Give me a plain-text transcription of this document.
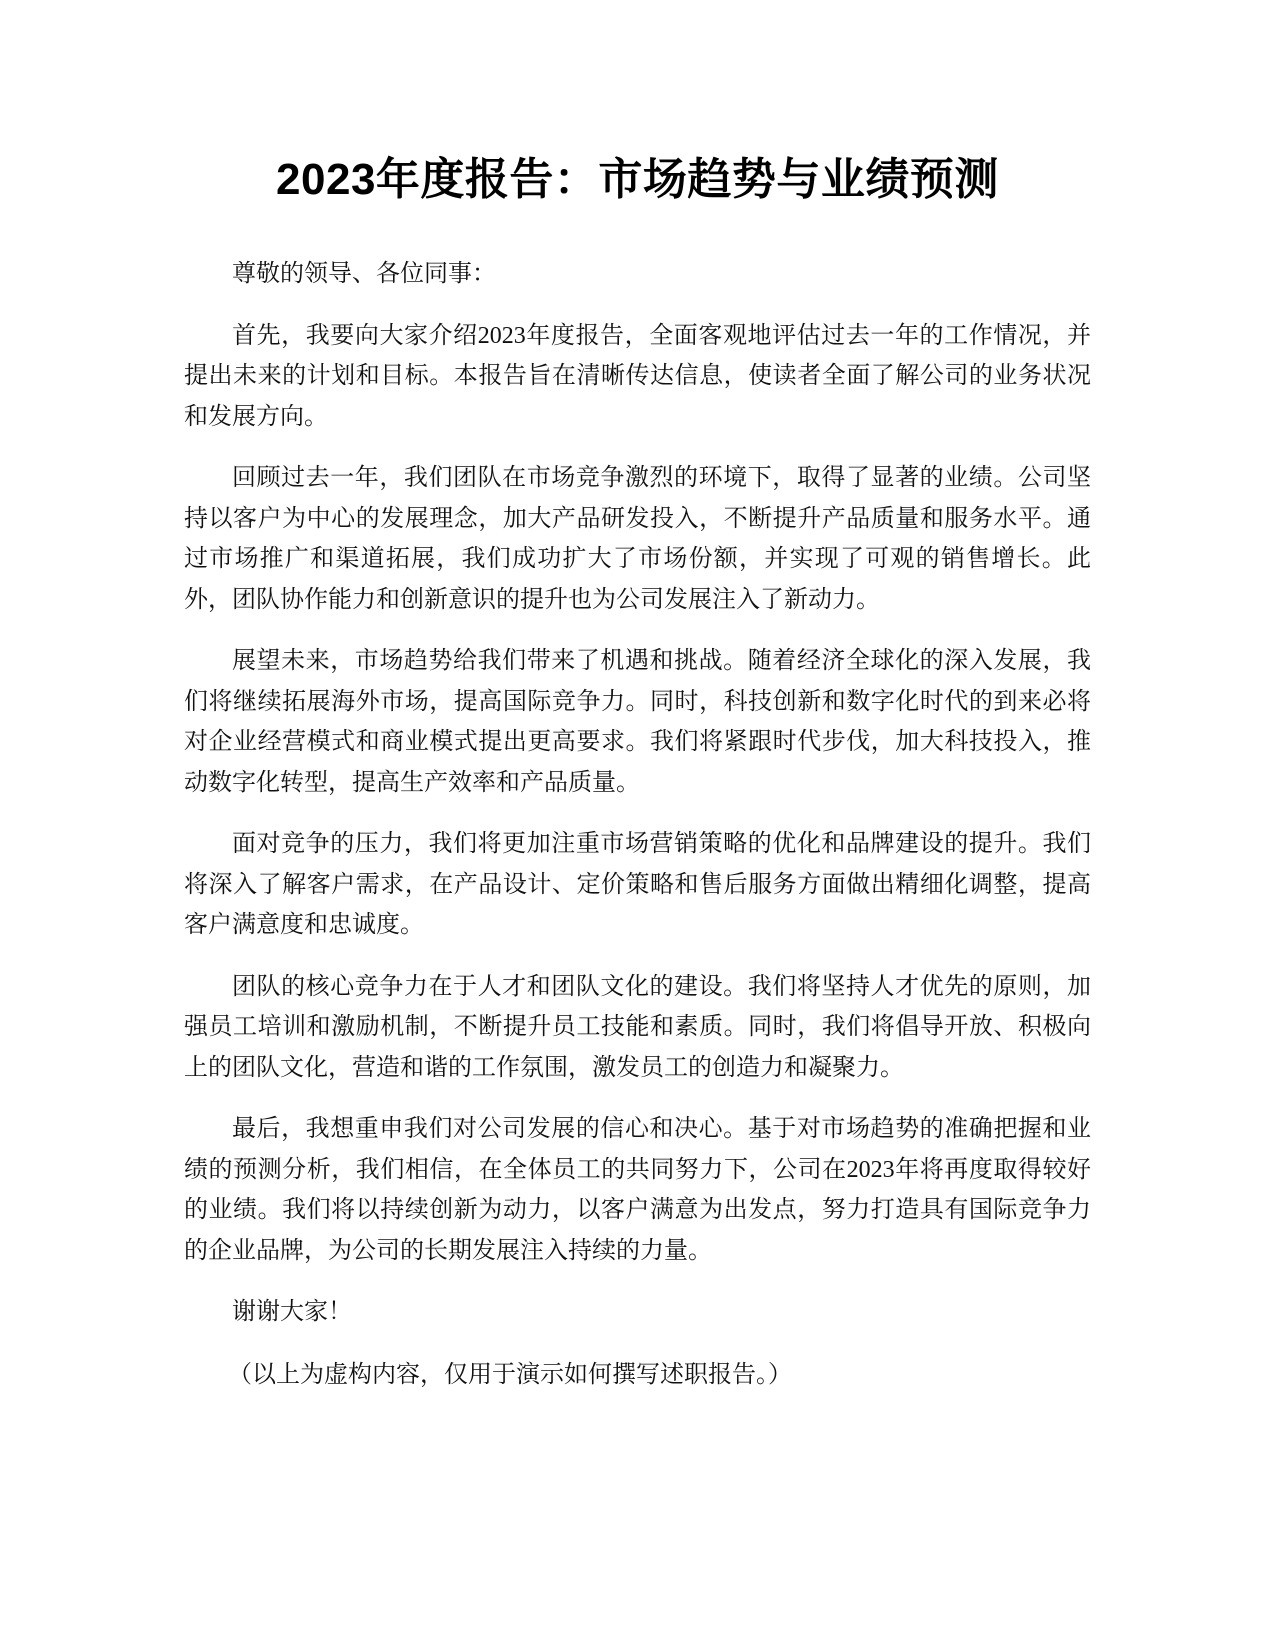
2023年度报告：市场趋势与业绩预测

尊敬的领导、各位同事：

首先，我要向大家介绍2023年度报告，全面客观地评估过去一年的工作情况，并提出未来的计划和目标。本报告旨在清晰传达信息，使读者全面了解公司的业务状况和发展方向。

回顾过去一年，我们团队在市场竞争激烈的环境下，取得了显著的业绩。公司坚持以客户为中心的发展理念，加大产品研发投入，不断提升产品质量和服务水平。通过市场推广和渠道拓展，我们成功扩大了市场份额，并实现了可观的销售增长。此外，团队协作能力和创新意识的提升也为公司发展注入了新动力。

展望未来，市场趋势给我们带来了机遇和挑战。随着经济全球化的深入发展，我们将继续拓展海外市场，提高国际竞争力。同时，科技创新和数字化时代的到来必将对企业经营模式和商业模式提出更高要求。我们将紧跟时代步伐，加大科技投入，推动数字化转型，提高生产效率和产品质量。

面对竞争的压力，我们将更加注重市场营销策略的优化和品牌建设的提升。我们将深入了解客户需求，在产品设计、定价策略和售后服务方面做出精细化调整，提高客户满意度和忠诚度。

团队的核心竞争力在于人才和团队文化的建设。我们将坚持人才优先的原则，加强员工培训和激励机制，不断提升员工技能和素质。同时，我们将倡导开放、积极向上的团队文化，营造和谐的工作氛围，激发员工的创造力和凝聚力。

最后，我想重申我们对公司发展的信心和决心。基于对市场趋势的准确把握和业绩的预测分析，我们相信，在全体员工的共同努力下，公司在2023年将再度取得较好的业绩。我们将以持续创新为动力，以客户满意为出发点，努力打造具有国际竞争力的企业品牌，为公司的长期发展注入持续的力量。

谢谢大家！

（以上为虚构内容，仅用于演示如何撰写述职报告。）
